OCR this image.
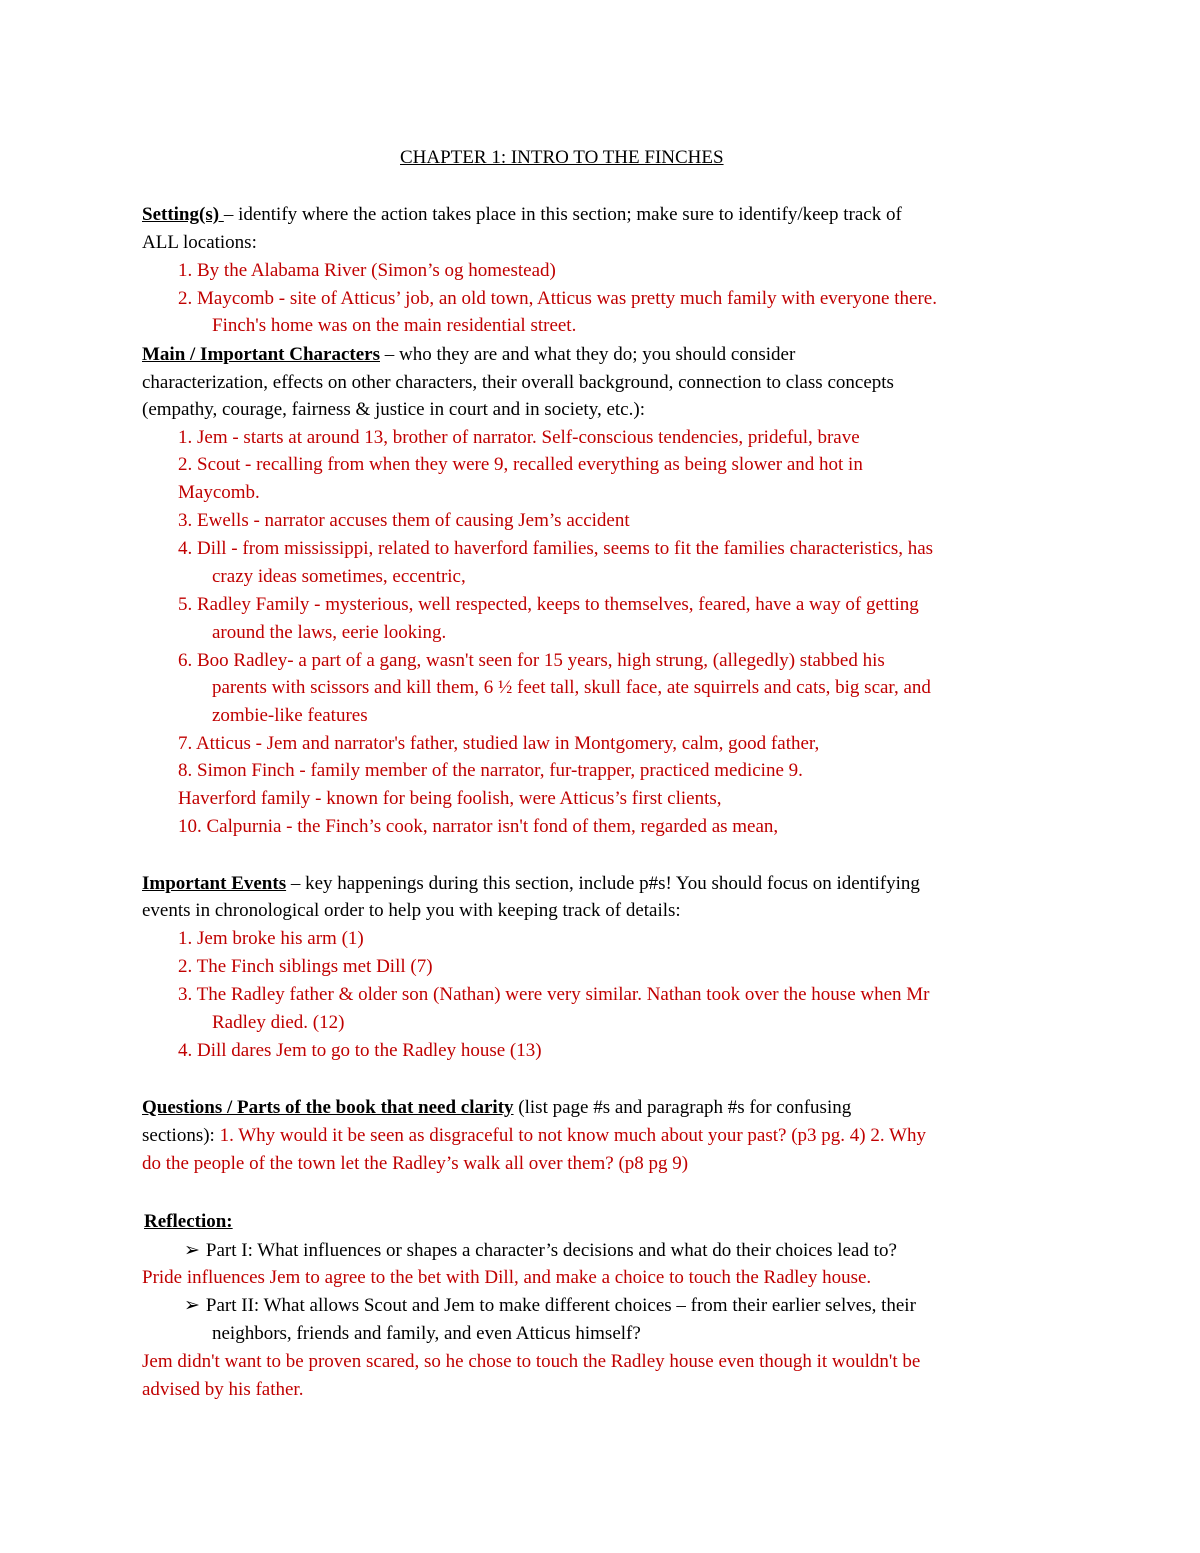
CHAPTER 1: INTRO TO THE FINCHES
Setting(s) – identify where the action takes place in this section; make sure to identify/keep track of
ALL locations:
1. By the Alabama River (Simon’s og homestead)
2. Maycomb - site of Atticus’ job, an old town, Atticus was pretty much family with everyone there.
Finch's home was on the main residential street.
Main / Important Characters – who they are and what they do; you should consider
characterization, effects on other characters, their overall background, connection to class concepts
(empathy, courage, fairness & justice in court and in society, etc.):
1. Jem - starts at around 13, brother of narrator. Self-conscious tendencies, prideful, brave
2. Scout - recalling from when they were 9, recalled everything as being slower and hot in
Maycomb.
3. Ewells - narrator accuses them of causing Jem’s accident
4. Dill - from mississippi, related to haverford families, seems to fit the families characteristics, has
crazy ideas sometimes, eccentric,
5. Radley Family - mysterious, well respected, keeps to themselves, feared, have a way of getting
around the laws, eerie looking.
6. Boo Radley- a part of a gang, wasn't seen for 15 years, high strung, (allegedly) stabbed his
parents with scissors and kill them, 6 ½ feet tall, skull face, ate squirrels and cats, big scar, and
zombie-like features
7. Atticus - Jem and narrator's father, studied law in Montgomery, calm, good father,
8. Simon Finch - family member of the narrator, fur-trapper, practiced medicine 9.
Haverford family - known for being foolish, were Atticus’s first clients,
10. Calpurnia - the Finch’s cook, narrator isn't fond of them, regarded as mean,
Important Events – key happenings during this section, include p#s! You should focus on identifying
events in chronological order to help you with keeping track of details:
1. Jem broke his arm (1)
2. The Finch siblings met Dill (7)
3. The Radley father & older son (Nathan) were very similar. Nathan took over the house when Mr
Radley died. (12)
4. Dill dares Jem to go to the Radley house (13)
Questions / Parts of the book that need clarity (list page #s and paragraph #s for confusing
sections): 1. Why would it be seen as disgraceful to not know much about your past? (p3 pg. 4) 2. Why
do the people of the town let the Radley’s walk all over them? (p8 pg 9)
Reflection:
➢ Part I: What influences or shapes a character’s decisions and what do their choices lead to?
Pride influences Jem to agree to the bet with Dill, and make a choice to touch the Radley house.
➢ Part II: What allows Scout and Jem to make different choices – from their earlier selves, their
neighbors, friends and family, and even Atticus himself?
Jem didn't want to be proven scared, so he chose to touch the Radley house even though it wouldn't be
advised by his father.
